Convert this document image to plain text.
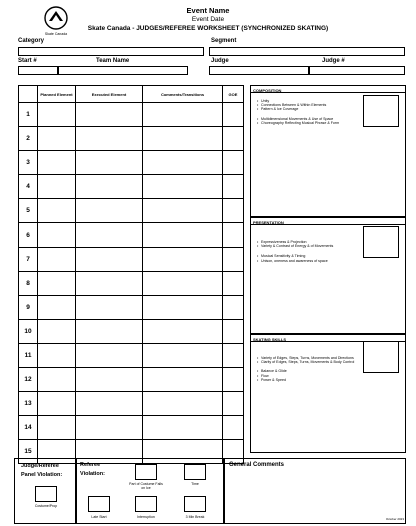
Skate Canada
Event Name
Event Date
Skate Canada - JUDGES/REFEREE WORKSHEET (SYNCHRONIZED SKATING)
Category	Segment
Start #	Team Name	Judge	Judge #
	Planned Element	Executed Element	Comments/Transitions	GOE
1				
2				
3				
4				
5				
6				
7				
8				
9				
10				
11				
12				
13				
14				
15				
COMPOSITION
• Unity
• Connections Between & Within Elements
• Pattern & Ice Coverage
• Multidimensional Movements & Use of Space
• Choreography Reflecting Musical Phrase & Form
PRESENTATION
• Expressiveness & Projection
• Variety & Contrast of Energy & of Movements
• Musical Sensitivity & Timing
• Unison, oneness and awareness of space
SKATING SKILLS
• Variety of Edges, Steps, Turns, Movements and Directions
• Clarity of Edges, Steps, Turns, Movements & Body Control
• Balance & Glide
• Flow
• Power & Speed
Judge/Referee
Panel Violation:
Costume/Prop
Referee
Violation:
Part of Costume Falls on Ice
Time
Late Start	Interruption	3 Min Break
General Comments
October 2023
